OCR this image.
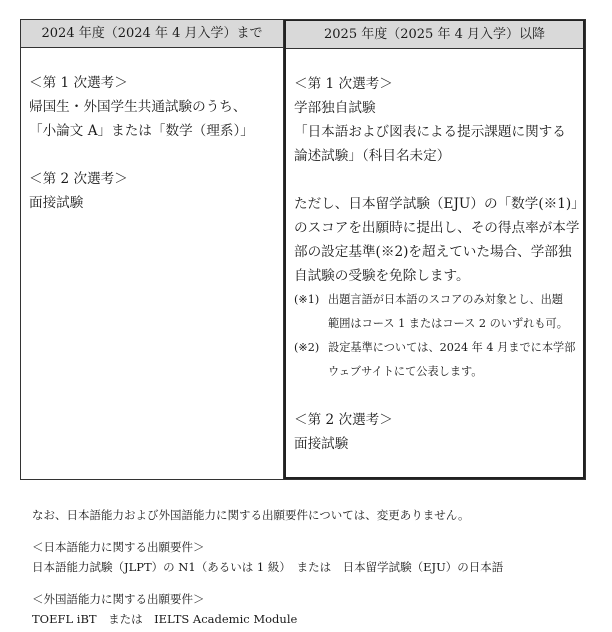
2024 年度（2024 年 4 月入学）まで
＜第 1 次選考＞
帰国生・外国学生共通試験のうち、
「小論文 A」または「数学（理系）」
＜第 2 次選考＞
面接試験
2025 年度（2025 年 4 月入学）以降
＜第 1 次選考＞
学部独自試験
「日本語および図表による提示課題に関する
論述試験」（科目名未定）
ただし、日本留学試験（EJU）の「数学(※1)」
のスコアを出願時に提出し、その得点率が本学
部の設定基準(※2)を超えていた場合、学部独
自試験の受験を免除します。
(※1) 出題言語が日本語のスコアのみ対象とし、出題
範囲はコース 1 またはコース 2 のいずれも可。
(※2) 設定基準については、2024 年 4 月までに本学部
ウェブサイトにて公表します。
＜第 2 次選考＞
面接試験
なお、日本語能力および外国語能力に関する出願要件については、変更ありません。
＜日本語能力に関する出願要件＞
日本語能力試験（JLPT）の N1（あるいは 1 級）　または　日本留学試験（EJU）の日本語
＜外国語能力に関する出願要件＞
TOEFL iBT　または　IELTS Academic Module
